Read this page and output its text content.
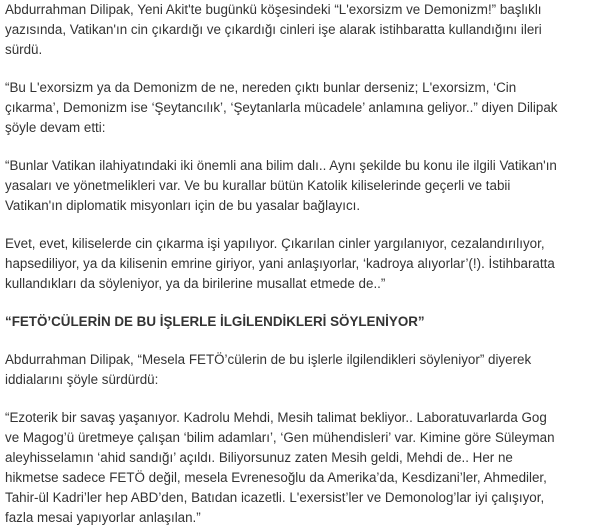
Abdurrahman Dilipak, Yeni Akit'te bugünkü köşesindeki “L'exorsizm ve Demonizm!” başlıklı
yazısında, Vatikan'ın cin çıkardığı ve çıkardığı cinleri işe alarak istihbaratta kullandığını ileri
sürdü.

“Bu L'exorsizm ya da Demonizm de ne, nereden çıktı bunlar derseniz; L'exorsizm, ‘Cin
çıkarma’, Demonizm ise ‘Şeytancılık’, ‘Şeytanlarla mücadele’ anlamına geliyor..” diyen Dilipak
şöyle devam etti:

“Bunlar Vatikan ilahiyatındaki iki önemli ana bilim dalı.. Aynı şekilde bu konu ile ilgili Vatikan'ın
yasaları ve yönetmelikleri var. Ve bu kurallar bütün Katolik kiliselerinde geçerli ve tabii
Vatikan'ın diplomatik misyonları için de bu yasalar bağlayıcı.

Evet, evet, kiliselerde cin çıkarma işi yapılıyor. Çıkarılan cinler yargılanıyor, cezalandırılıyor,
hapsediliyor, ya da kilisenin emrine giriyor, yani anlaşıyorlar, ‘kadroya alıyorlar’(!). İstihbaratta
kullandıkları da söyleniyor, ya da birilerine musallat etmede de..”

“FETÖ’CÜLERİN DE BU İŞLERLE İLGİLENDİKLERİ SÖYLENİYOR”

Abdurrahman Dilipak, “Mesela FETÖ’cülerin de bu işlerle ilgilendikleri söyleniyor” diyerek
iddialarını şöyle sürdürdü:

“Ezoterik bir savaş yaşanıyor. Kadrolu Mehdi, Mesih talimat bekliyor.. Laboratuvarlarda Gog
ve Magog’ü üretmeye çalışan ‘bilim adamları’, ‘Gen mühendisleri’ var. Kimine göre Süleyman
aleyhisselamın ‘ahid sandığı’ açıldı. Biliyorsunuz zaten Mesih geldi, Mehdi de.. Her ne
hikmetse sadece FETÖ değil, mesela Evrenesoğlu da Amerika’da, Kesdizani’ler, Ahmediler,
Tahir-ül Kadri’ler hep ABD’den, Batıdan icazetli. L'exersist’ler ve Demonolog’lar iyi çalışıyor,
fazla mesai yapıyorlar anlaşılan.”
